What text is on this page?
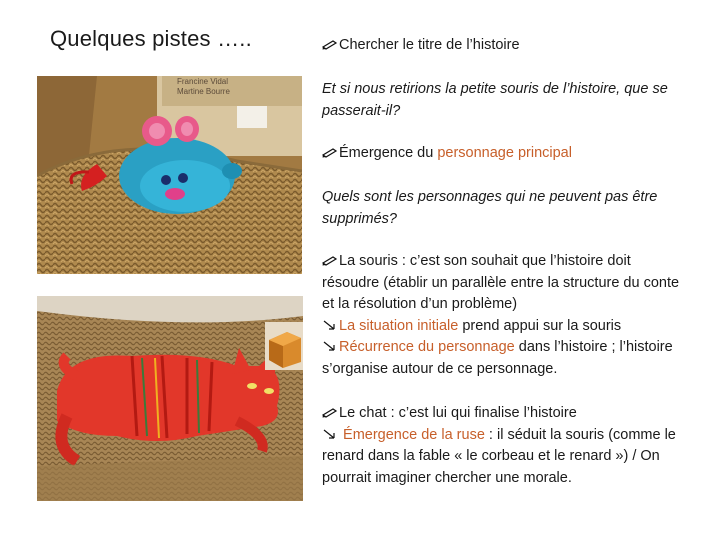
Quelques pistes …..
Francine Vidal
Martine Bourre
Chercher le titre de l’histoire
Et si nous retirions la petite souris de l’histoire, que se passerait-il?
Émergence du personnage principal
Quels sont les personnages qui ne peuvent pas être supprimés?
La souris : c’est son souhait que l’histoire doit résoudre (établir un parallèle entre la structure du conte et la résolution d’un problème)
La situation initiale prend appui sur la souris
Récurrence du personnage dans l’histoire ; l’histoire s’organise autour de ce personnage.
Le chat : c’est lui qui finalise l’histoire
Émergence de la ruse : il séduit la souris (comme le renard dans la fable « le corbeau et le renard ») / On pourrait imaginer chercher une morale.
